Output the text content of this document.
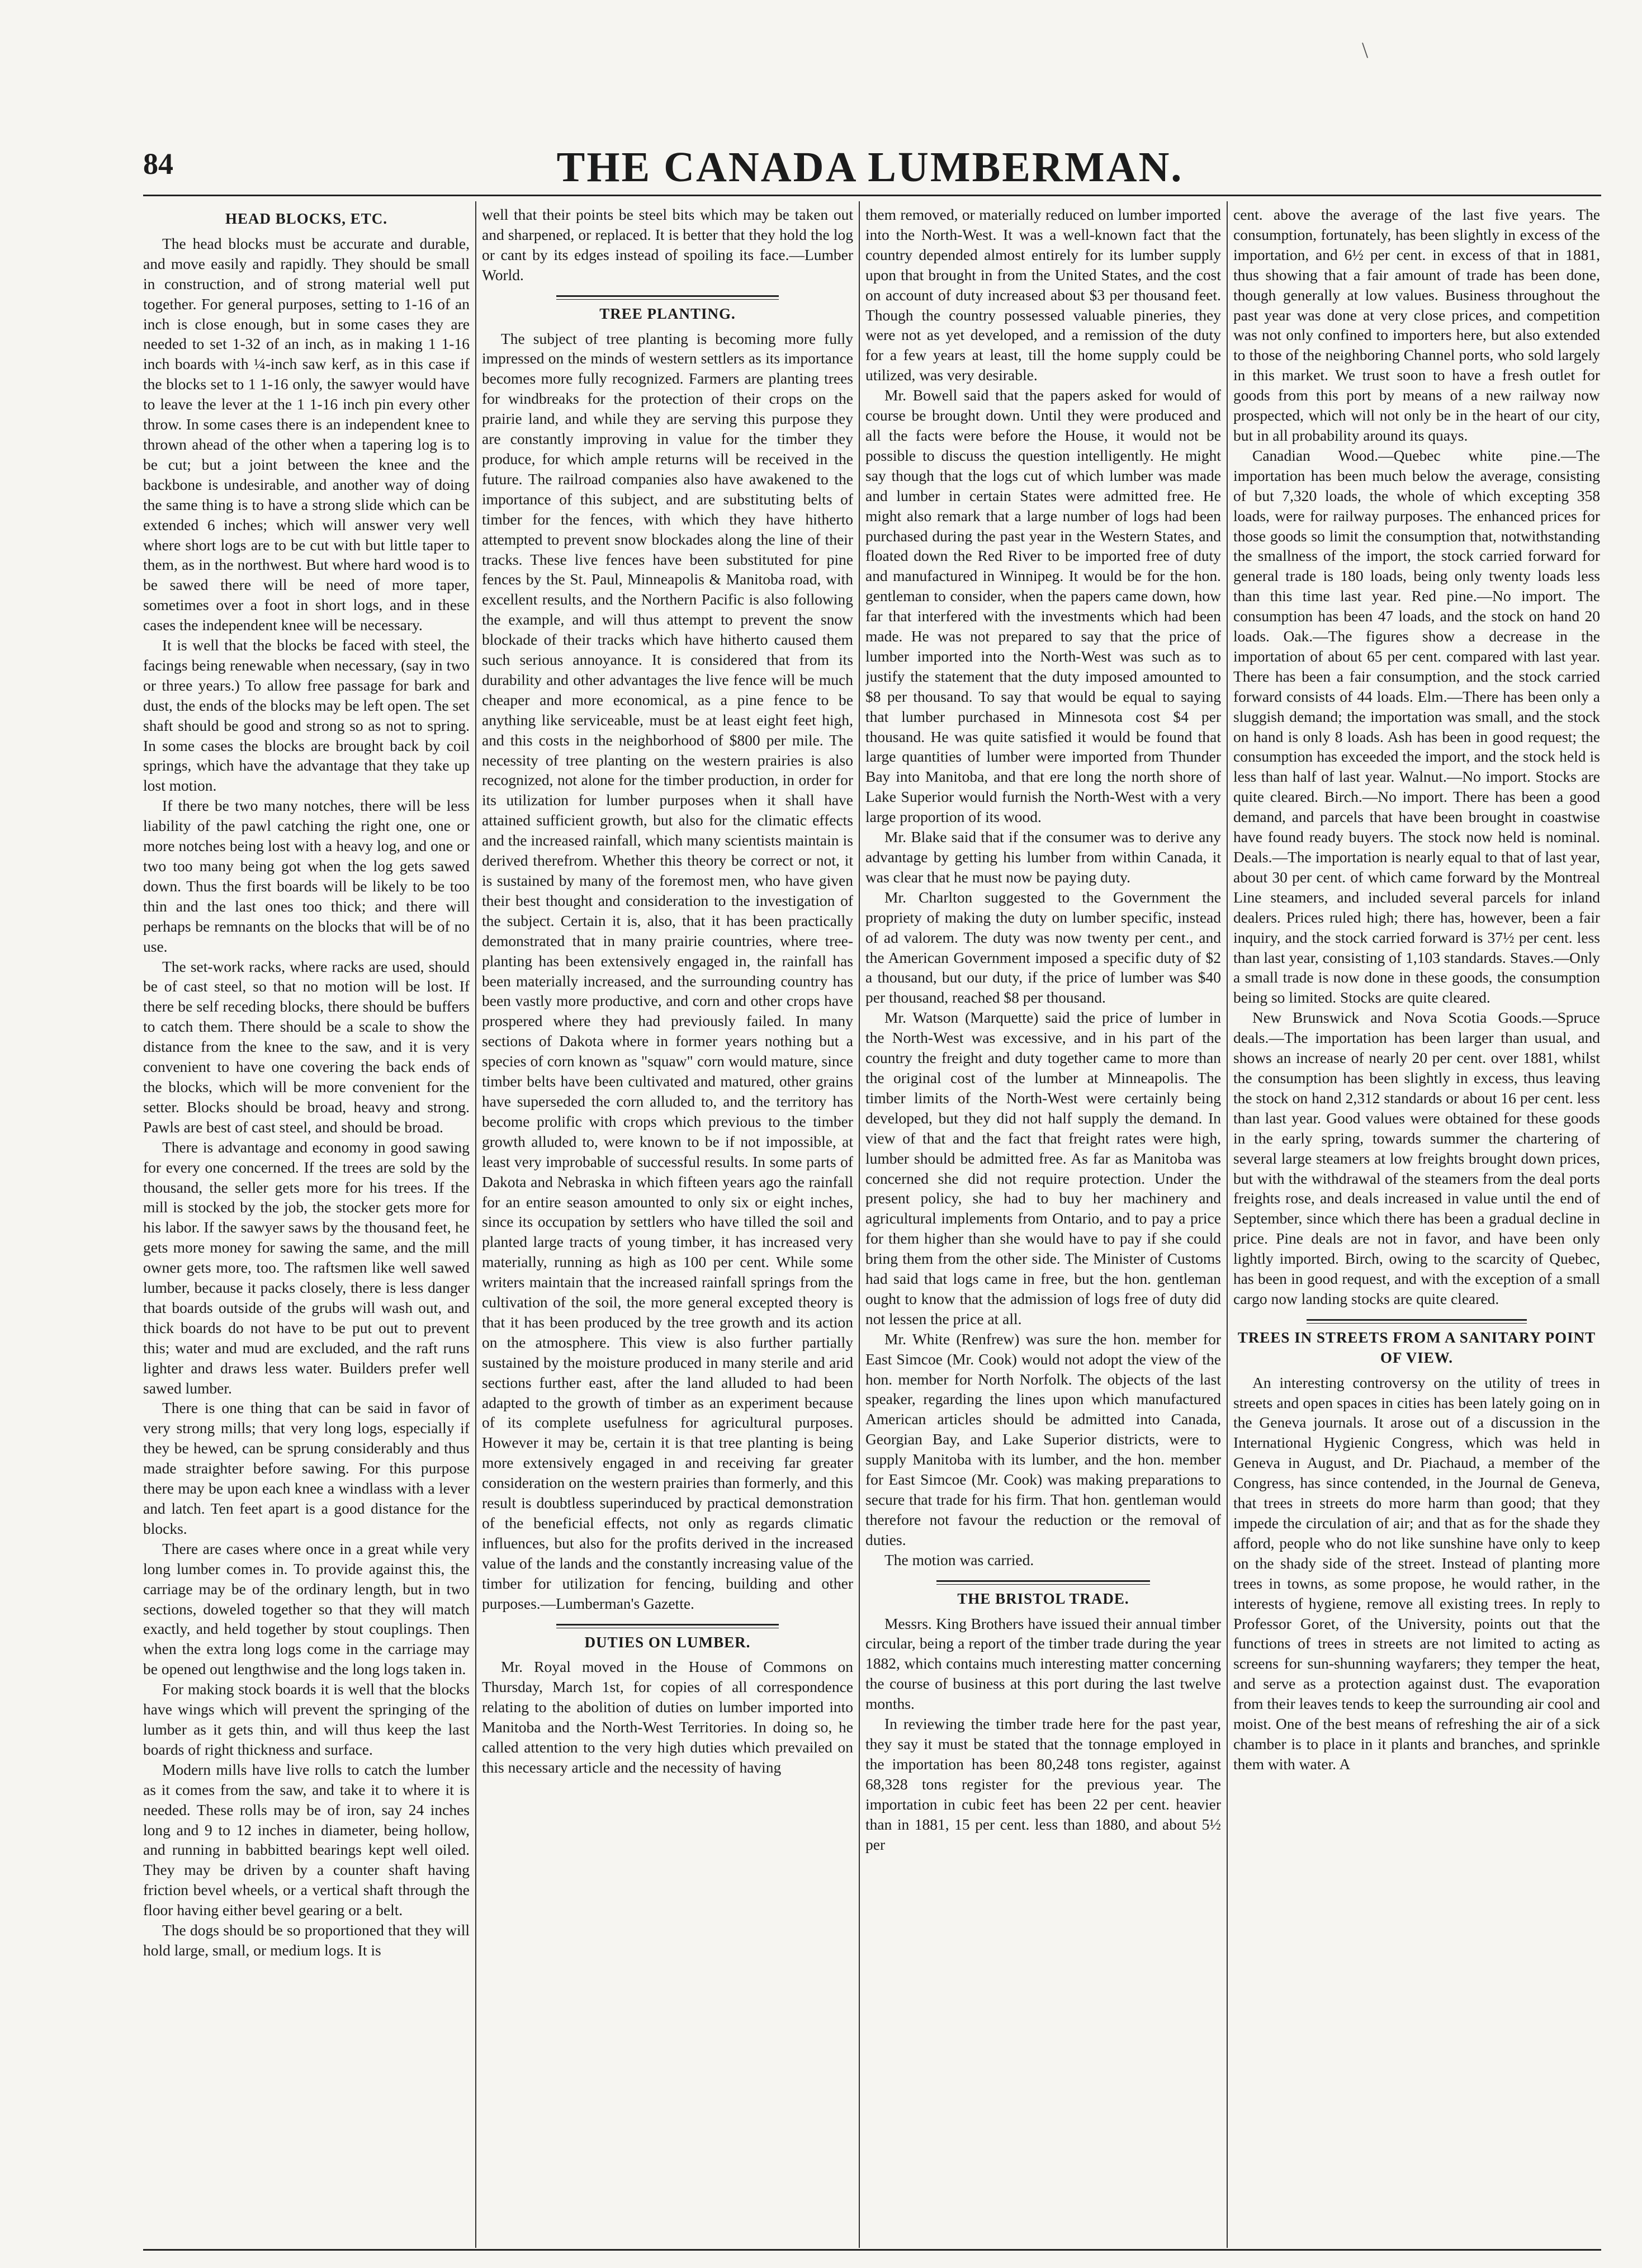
\
84	THE CANADA LUMBERMAN.
HEAD BLOCKS, ETC.

The head blocks must be accurate and durable, and move easily and rapidly. They should be small in construction, and of strong material well put together. For general purposes, setting to 1-16 of an inch is close enough, but in some cases they are needed to set 1-32 of an inch, as in making 1 1-16 inch boards with ¼-inch saw kerf, as in this case if the blocks set to 1 1-16 only, the sawyer would have to leave the lever at the 1 1-16 inch pin every other throw. In some cases there is an independent knee to thrown ahead of the other when a tapering log is to be cut; but a joint between the knee and the backbone is undesirable, and another way of doing the same thing is to have a strong slide which can be extended 6 inches; which will answer very well where short logs are to be cut with but little taper to them, as in the northwest. But where hard wood is to be sawed there will be need of more taper, sometimes over a foot in short logs, and in these cases the independent knee will be necessary.

It is well that the blocks be faced with steel, the facings being renewable when necessary, (say in two or three years.) To allow free passage for bark and dust, the ends of the blocks may be left open. The set shaft should be good and strong so as not to spring. In some cases the blocks are brought back by coil springs, which have the advantage that they take up lost motion.

If there be two many notches, there will be less liability of the pawl catching the right one, one or more notches being lost with a heavy log, and one or two too many being got when the log gets sawed down. Thus the first boards will be likely to be too thin and the last ones too thick; and there will perhaps be remnants on the blocks that will be of no use.

The set-work racks, where racks are used, should be of cast steel, so that no motion will be lost. If there be self receding blocks, there should be buffers to catch them. There should be a scale to show the distance from the knee to the saw, and it is very convenient to have one covering the back ends of the blocks, which will be more convenient for the setter. Blocks should be broad, heavy and strong. Pawls are best of cast steel, and should be broad.

There is advantage and economy in good sawing for every one concerned. If the trees are sold by the thousand, the seller gets more for his trees. If the mill is stocked by the job, the stocker gets more for his labor. If the sawyer saws by the thousand feet, he gets more money for sawing the same, and the mill owner gets more, too. The raftsmen like well sawed lumber, because it packs closely, there is less danger that boards outside of the grubs will wash out, and thick boards do not have to be put out to prevent this; water and mud are excluded, and the raft runs lighter and draws less water. Builders prefer well sawed lumber.

There is one thing that can be said in favor of very strong mills; that very long logs, especially if they be hewed, can be sprung considerably and thus made straighter before sawing. For this purpose there may be upon each knee a windlass with a lever and latch. Ten feet apart is a good distance for the blocks.

There are cases where once in a great while very long lumber comes in. To provide against this, the carriage may be of the ordinary length, but in two sections, doweled together so that they will match exactly, and held together by stout couplings. Then when the extra long logs come in the carriage may be opened out lengthwise and the long logs taken in.

For making stock boards it is well that the blocks have wings which will prevent the springing of the lumber as it gets thin, and will thus keep the last boards of right thickness and surface.

Modern mills have live rolls to catch the lumber as it comes from the saw, and take it to where it is needed. These rolls may be of iron, say 24 inches long and 9 to 12 inches in diameter, being hollow, and running in babbitted bearings kept well oiled. They may be driven by a counter shaft having friction bevel wheels, or a vertical shaft through the floor having either bevel gearing or a belt.

The dogs should be so proportioned that they will hold large, small, or medium logs. It is

well that their points be steel bits which may be taken out and sharpened, or replaced. It is better that they hold the log or cant by its edges instead of spoiling its face.—Lumber World.

TREE PLANTING.

The subject of tree planting is becoming more fully impressed on the minds of western settlers as its importance becomes more fully recognized. Farmers are planting trees for windbreaks for the protection of their crops on the prairie land, and while they are serving this purpose they are constantly improving in value for the timber they produce, for which ample returns will be received in the future. The railroad companies also have awakened to the importance of this subject, and are substituting belts of timber for the fences, with which they have hitherto attempted to prevent snow blockades along the line of their tracks. These live fences have been substituted for pine fences by the St. Paul, Minneapolis & Manitoba road, with excellent results, and the Northern Pacific is also following the example, and will thus attempt to prevent the snow blockade of their tracks which have hitherto caused them such serious annoyance. It is considered that from its durability and other advantages the live fence will be much cheaper and more economical, as a pine fence to be anything like serviceable, must be at least eight feet high, and this costs in the neighborhood of $800 per mile. The necessity of tree planting on the western prairies is also recognized, not alone for the timber production, in order for its utilization for lumber purposes when it shall have attained sufficient growth, but also for the climatic effects and the increased rainfall, which many scientists maintain is derived therefrom. Whether this theory be correct or not, it is sustained by many of the foremost men, who have given their best thought and consideration to the investigation of the subject. Certain it is, also, that it has been practically demonstrated that in many prairie countries, where tree-planting has been extensively engaged in, the rainfall has been materially increased, and the surrounding country has been vastly more productive, and corn and other crops have prospered where they had previously failed. In many sections of Dakota where in former years nothing but a species of corn known as "squaw" corn would mature, since timber belts have been cultivated and matured, other grains have superseded the corn alluded to, and the territory has become prolific with crops which previous to the timber growth alluded to, were known to be if not impossible, at least very improbable of successful results. In some parts of Dakota and Nebraska in which fifteen years ago the rainfall for an entire season amounted to only six or eight inches, since its occupation by settlers who have tilled the soil and planted large tracts of young timber, it has increased very materially, running as high as 100 per cent. While some writers maintain that the increased rainfall springs from the cultivation of the soil, the more general excepted theory is that it has been produced by the tree growth and its action on the atmosphere. This view is also further partially sustained by the moisture produced in many sterile and arid sections further east, after the land alluded to had been adapted to the growth of timber as an experiment because of its complete usefulness for agricultural purposes. However it may be, certain it is that tree planting is being more extensively engaged in and receiving far greater consideration on the western prairies than formerly, and this result is doubtless superinduced by practical demonstration of the beneficial effects, not only as regards climatic influences, but also for the profits derived in the increased value of the lands and the constantly increasing value of the timber for utilization for fencing, building and other purposes.—Lumberman's Gazette.

DUTIES ON LUMBER.

Mr. Royal moved in the House of Commons on Thursday, March 1st, for copies of all correspondence relating to the abolition of duties on lumber imported into Manitoba and the North-West Territories. In doing so, he called attention to the very high duties which prevailed on this necessary article and the necessity of having

them removed, or materially reduced on lumber imported into the North-West. It was a well-known fact that the country depended almost entirely for its lumber supply upon that brought in from the United States, and the cost on account of duty increased about $3 per thousand feet. Though the country possessed valuable pineries, they were not as yet developed, and a remission of the duty for a few years at least, till the home supply could be utilized, was very desirable.

Mr. Bowell said that the papers asked for would of course be brought down. Until they were produced and all the facts were before the House, it would not be possible to discuss the question intelligently. He might say though that the logs cut of which lumber was made and lumber in certain States were admitted free. He might also remark that a large number of logs had been purchased during the past year in the Western States, and floated down the Red River to be imported free of duty and manufactured in Winnipeg. It would be for the hon. gentleman to consider, when the papers came down, how far that interfered with the investments which had been made. He was not prepared to say that the price of lumber imported into the North-West was such as to justify the statement that the duty imposed amounted to $8 per thousand. To say that would be equal to saying that lumber purchased in Minnesota cost $4 per thousand. He was quite satisfied it would be found that large quantities of lumber were imported from Thunder Bay into Manitoba, and that ere long the north shore of Lake Superior would furnish the North-West with a very large proportion of its wood.

Mr. Blake said that if the consumer was to derive any advantage by getting his lumber from within Canada, it was clear that he must now be paying duty.

Mr. Charlton suggested to the Government the propriety of making the duty on lumber specific, instead of ad valorem. The duty was now twenty per cent., and the American Government imposed a specific duty of $2 a thousand, but our duty, if the price of lumber was $40 per thousand, reached $8 per thousand.

Mr. Watson (Marquette) said the price of lumber in the North-West was excessive, and in his part of the country the freight and duty together came to more than the original cost of the lumber at Minneapolis. The timber limits of the North-West were certainly being developed, but they did not half supply the demand. In view of that and the fact that freight rates were high, lumber should be admitted free. As far as Manitoba was concerned she did not require protection. Under the present policy, she had to buy her machinery and agricultural implements from Ontario, and to pay a price for them higher than she would have to pay if she could bring them from the other side. The Minister of Customs had said that logs came in free, but the hon. gentleman ought to know that the admission of logs free of duty did not lessen the price at all.

Mr. White (Renfrew) was sure the hon. member for East Simcoe (Mr. Cook) would not adopt the view of the hon. member for North Norfolk. The objects of the last speaker, regarding the lines upon which manufactured American articles should be admitted into Canada, Georgian Bay, and Lake Superior districts, were to supply Manitoba with its lumber, and the hon. member for East Simcoe (Mr. Cook) was making preparations to secure that trade for his firm. That hon. gentleman would therefore not favour the reduction or the removal of duties.

The motion was carried.

THE BRISTOL TRADE.

Messrs. King Brothers have issued their annual timber circular, being a report of the timber trade during the year 1882, which contains much interesting matter concerning the course of business at this port during the last twelve months.

In reviewing the timber trade here for the past year, they say it must be stated that the tonnage employed in the importation has been 80,248 tons register, against 68,328 tons register for the previous year. The importation in cubic feet has been 22 per cent. heavier than in 1881, 15 per cent. less than 1880, and about 5½ per

cent. above the average of the last five years. The consumption, fortunately, has been slightly in excess of the importation, and 6½ per cent. in excess of that in 1881, thus showing that a fair amount of trade has been done, though generally at low values. Business throughout the past year was done at very close prices, and competition was not only confined to importers here, but also extended to those of the neighboring Channel ports, who sold largely in this market. We trust soon to have a fresh outlet for goods from this port by means of a new railway now prospected, which will not only be in the heart of our city, but in all probability around its quays.

Canadian Wood.—Quebec white pine.—The importation has been much below the average, consisting of but 7,320 loads, the whole of which excepting 358 loads, were for railway purposes. The enhanced prices for those goods so limit the consumption that, notwithstanding the smallness of the import, the stock carried forward for general trade is 180 loads, being only twenty loads less than this time last year. Red pine.—No import. The consumption has been 47 loads, and the stock on hand 20 loads. Oak.—The figures show a decrease in the importation of about 65 per cent. compared with last year. There has been a fair consumption, and the stock carried forward consists of 44 loads. Elm.—There has been only a sluggish demand; the importation was small, and the stock on hand is only 8 loads. Ash has been in good request; the consumption has exceeded the import, and the stock held is less than half of last year. Walnut.—No import. Stocks are quite cleared. Birch.—No import. There has been a good demand, and parcels that have been brought in coastwise have found ready buyers. The stock now held is nominal. Deals.—The importation is nearly equal to that of last year, about 30 per cent. of which came forward by the Montreal Line steamers, and included several parcels for inland dealers. Prices ruled high; there has, however, been a fair inquiry, and the stock carried forward is 37½ per cent. less than last year, consisting of 1,103 standards. Staves.—Only a small trade is now done in these goods, the consumption being so limited. Stocks are quite cleared.

New Brunswick and Nova Scotia Goods.—Spruce deals.—The importation has been larger than usual, and shows an increase of nearly 20 per cent. over 1881, whilst the consumption has been slightly in excess, thus leaving the stock on hand 2,312 standards or about 16 per cent. less than last year. Good values were obtained for these goods in the early spring, towards summer the chartering of several large steamers at low freights brought down prices, but with the withdrawal of the steamers from the deal ports freights rose, and deals increased in value until the end of September, since which there has been a gradual decline in price. Pine deals are not in favor, and have been only lightly imported. Birch, owing to the scarcity of Quebec, has been in good request, and with the exception of a small cargo now landing stocks are quite cleared.

TREES IN STREETS FROM A SANITARY POINT OF VIEW.

An interesting controversy on the utility of trees in streets and open spaces in cities has been lately going on in the Geneva journals. It arose out of a discussion in the International Hygienic Congress, which was held in Geneva in August, and Dr. Piachaud, a member of the Congress, has since contended, in the Journal de Geneva, that trees in streets do more harm than good; that they impede the circulation of air; and that as for the shade they afford, people who do not like sunshine have only to keep on the shady side of the street. Instead of planting more trees in towns, as some propose, he would rather, in the interests of hygiene, remove all existing trees. In reply to Professor Goret, of the University, points out that the functions of trees in streets are not limited to acting as screens for sun-shunning wayfarers; they temper the heat, and serve as a protection against dust. The evaporation from their leaves tends to keep the surrounding air cool and moist. One of the best means of refreshing the air of a sick chamber is to place in it plants and branches, and sprinkle them with water. A
